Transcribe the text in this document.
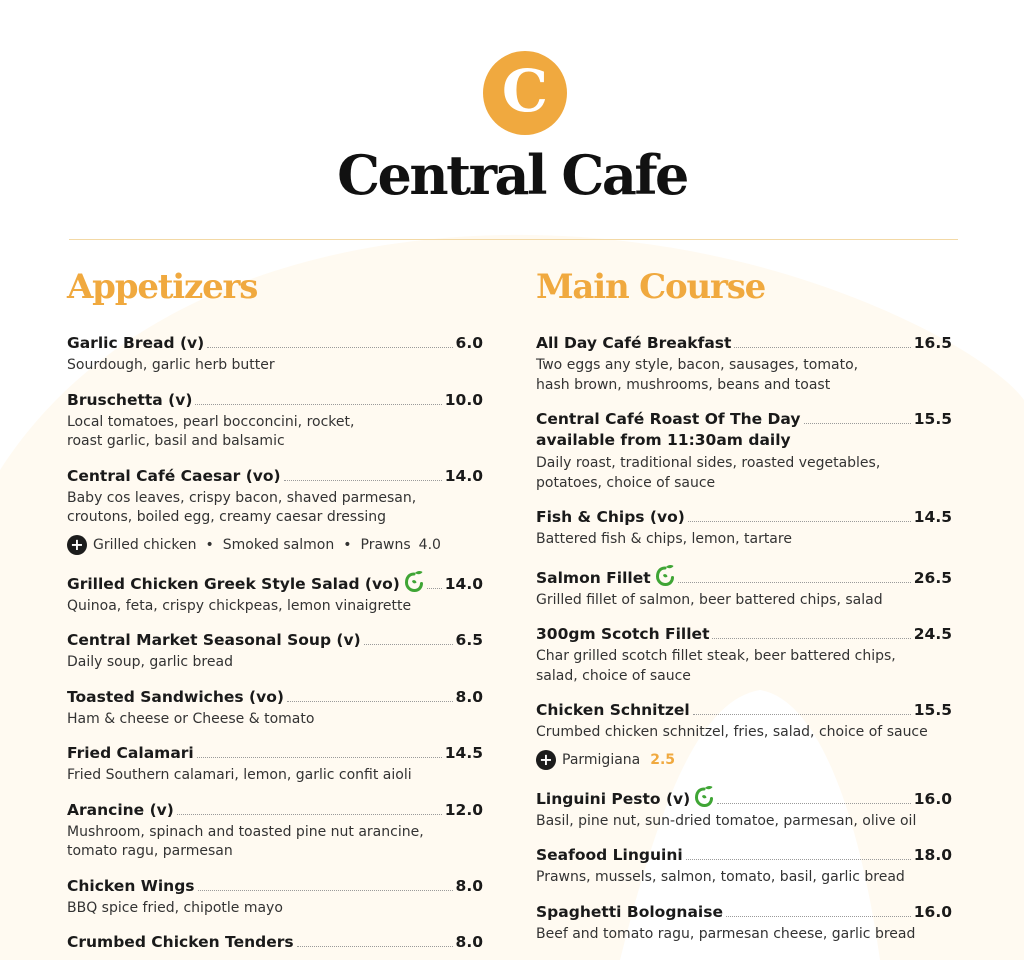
C
Central Cafe
Appetizers
Garlic Bread (v)	6.0
Sourdough, garlic herb butter
Bruschetta (v)	10.0
Local tomatoes, pearl bocconcini, rocket,
roast garlic, basil and balsamic
Central Café Caesar (vo)	14.0
Baby cos leaves, crispy bacon, shaved parmesan,
croutons, boiled egg, creamy caesar dressing
+ Grilled chicken • Smoked salmon • Prawns 4.0
Grilled Chicken Greek Style Salad (vo)	14.0
Quinoa, feta, crispy chickpeas, lemon vinaigrette
Central Market Seasonal Soup (v)	6.5
Daily soup, garlic bread
Toasted Sandwiches (vo)	8.0
Ham & cheese or Cheese & tomato
Fried Calamari	14.5
Fried Southern calamari, lemon, garlic confit aioli
Arancine (v)	12.0
Mushroom, spinach and toasted pine nut arancine,
tomato ragu, parmesan
Chicken Wings	8.0
BBQ spice fried, chipotle mayo
Crumbed Chicken Tenders	8.0
Main Course
All Day Café Breakfast	16.5
Two eggs any style, bacon, sausages, tomato,
hash brown, mushrooms, beans and toast
Central Café Roast Of The Day	15.5
available from 11:30am daily
Daily roast, traditional sides, roasted vegetables,
potatoes, choice of sauce
Fish & Chips (vo)	14.5
Battered fish & chips, lemon, tartare
Salmon Fillet	26.5
Grilled fillet of salmon, beer battered chips, salad
300gm Scotch Fillet	24.5
Char grilled scotch fillet steak, beer battered chips,
salad, choice of sauce
Chicken Schnitzel	15.5
Crumbed chicken schnitzel, fries, salad, choice of sauce
+ Parmigiana 2.5
Linguini Pesto (v)	16.0
Basil, pine nut, sun-dried tomatoe, parmesan, olive oil
Seafood Linguini	18.0
Prawns, mussels, salmon, tomato, basil, garlic bread
Spaghetti Bolognaise	16.0
Beef and tomato ragu, parmesan cheese, garlic bread
